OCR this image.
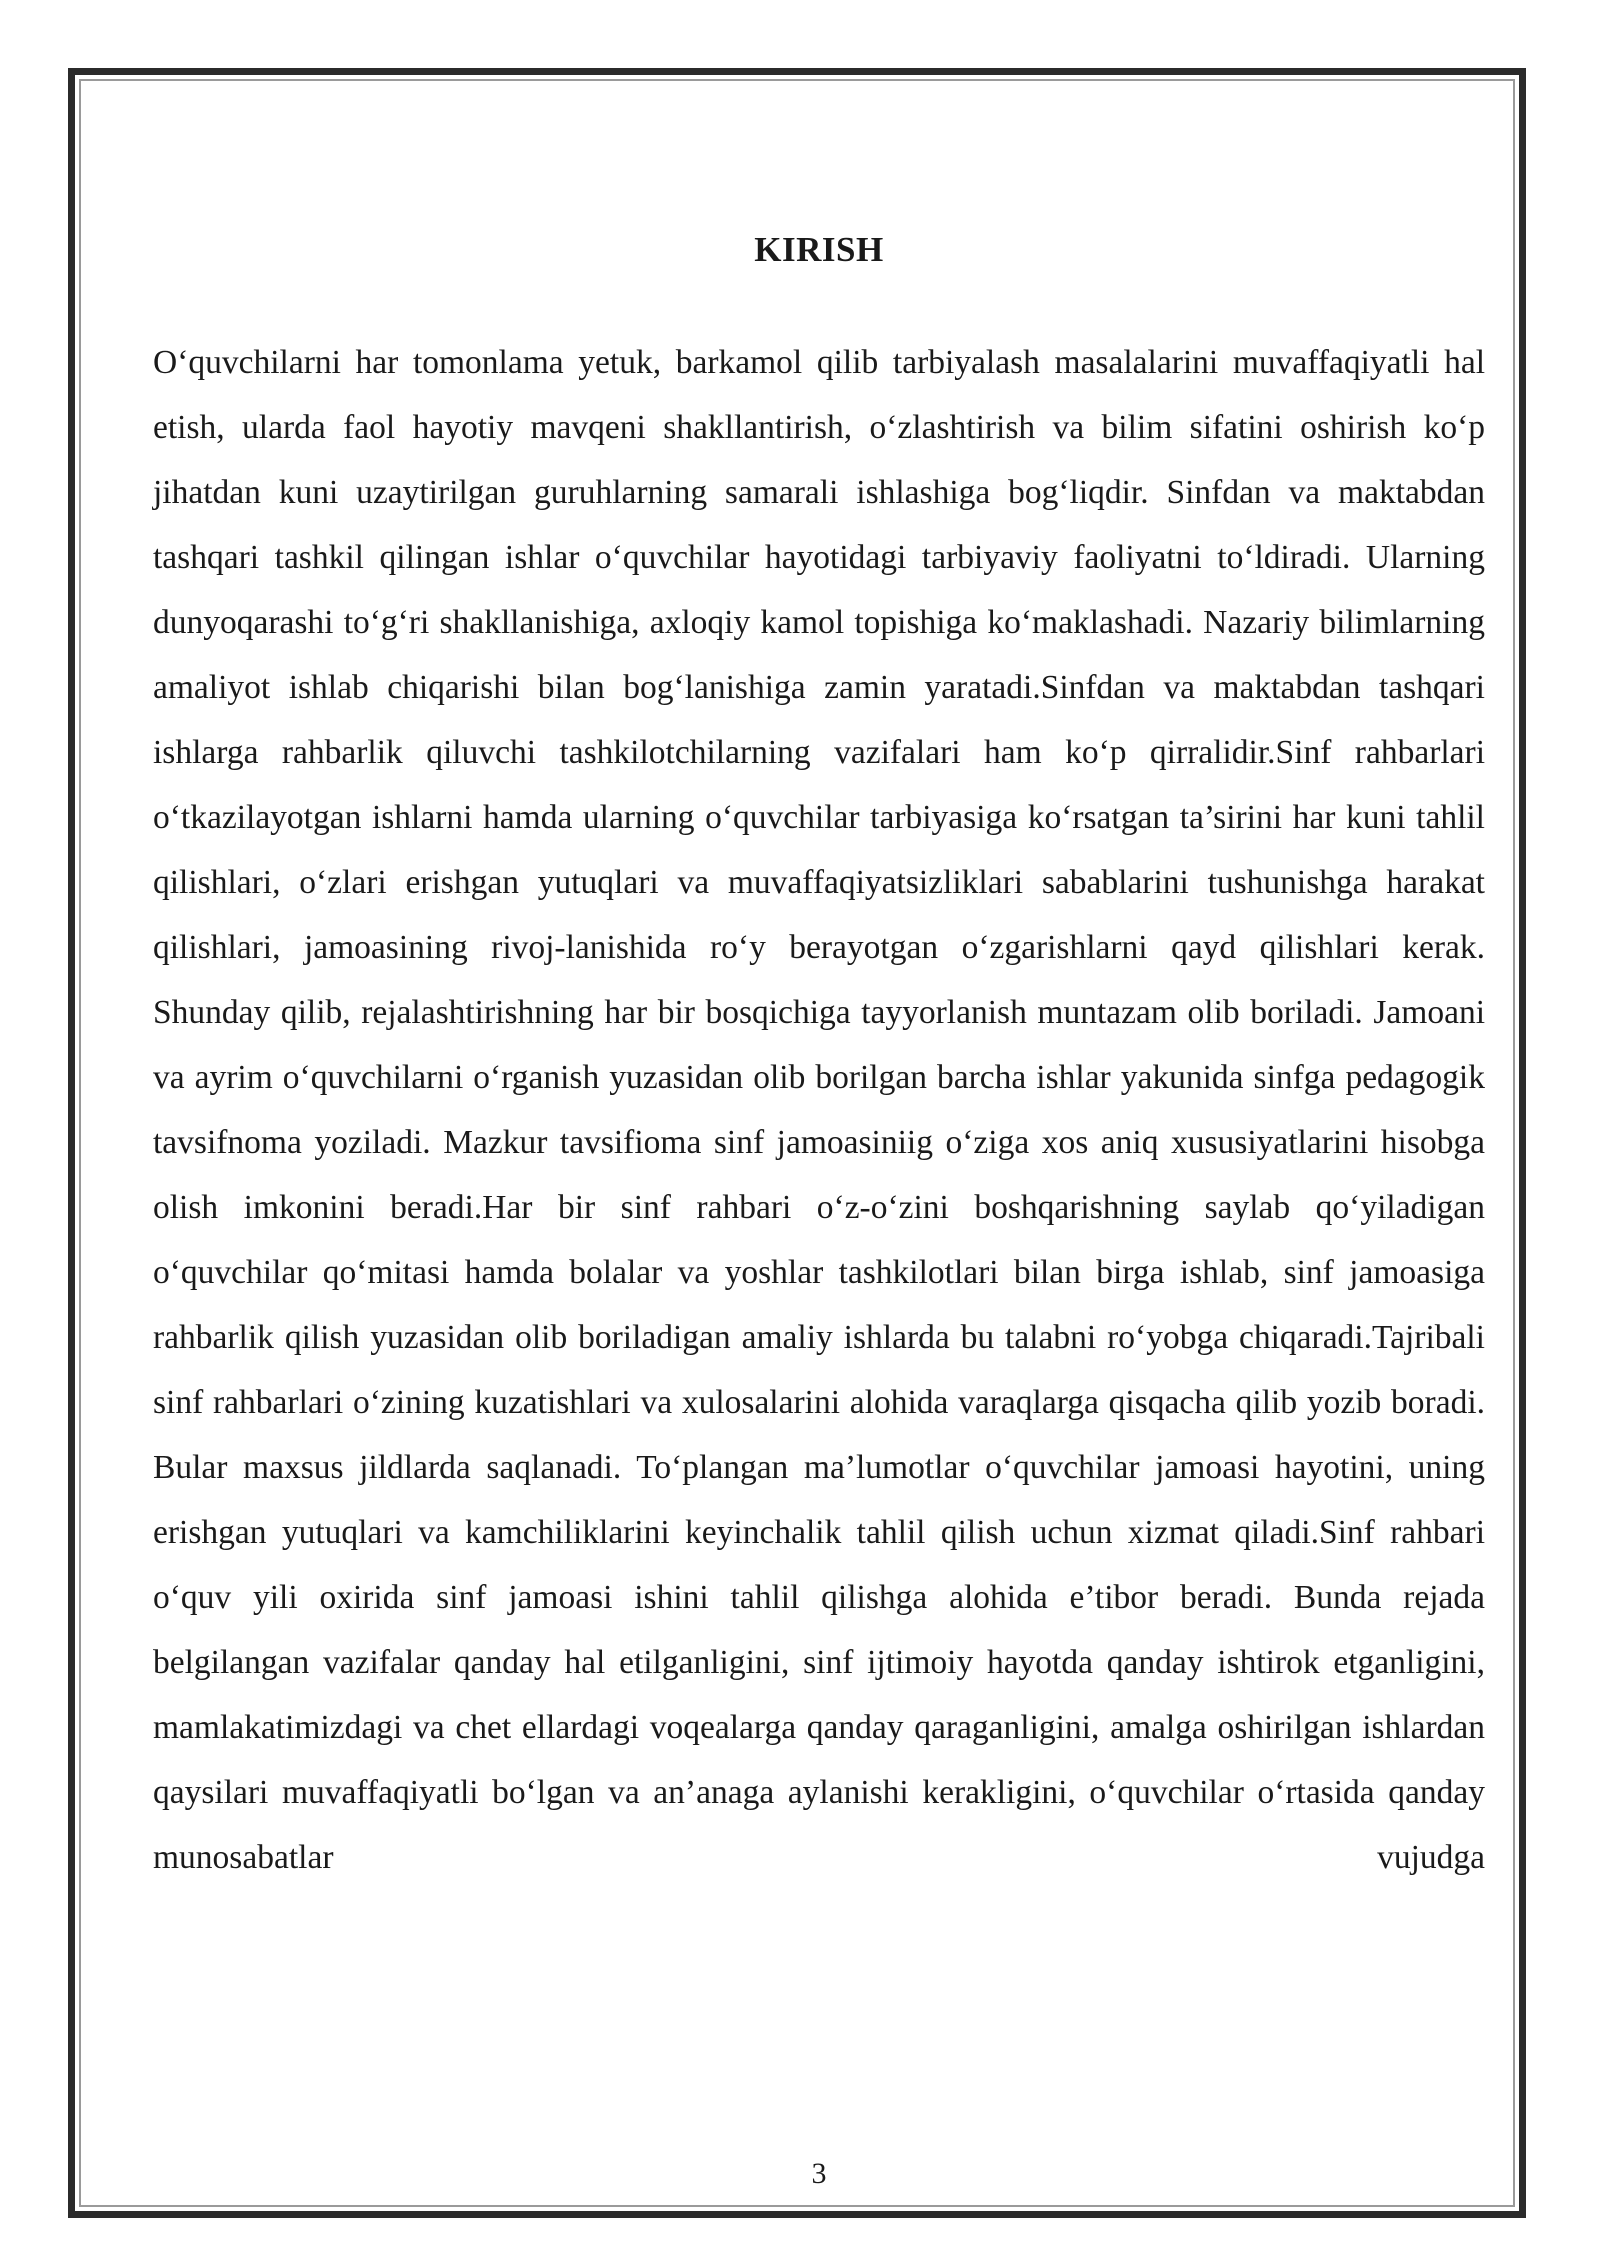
KIRISH

O‘quvchilarni har tomonlama yetuk, barkamol qilib tarbiyalash masalalarini muvaffaqiyatli hal etish, ularda faol hayotiy mavqeni shakllantirish, o‘zlashtirish va bilim sifatini oshirish ko‘p jihatdan kuni uzaytirilgan guruhlarning samarali ishlashiga bog‘liqdir. Sinfdan va maktabdan tashqari tashkil qilingan ishlar o‘quvchilar hayotidagi tarbiyaviy faoliyatni to‘ldiradi. Ularning dunyoqarashi to‘g‘ri shakllanishiga, axloqiy kamol topishiga ko‘maklashadi. Nazariy bilimlarning amaliyot ishlab chiqarishi bilan bog‘lanishiga zamin yaratadi.Sinfdan va maktabdan tashqari ishlarga rahbarlik qiluvchi tashkilotchilarning vazifalari ham ko‘p qirralidir.Sinf rahbarlari o‘tkazilayotgan ishlarni hamda ularning o‘quvchilar tarbiyasiga ko‘rsatgan ta’sirini har kuni tahlil qilishlari, o‘zlari erishgan yutuqlari va muvaffaqiyatsizliklari sabablarini tushunishga harakat qilishlari, jamoasining rivoj-lanishida ro‘y berayotgan o‘zgarishlarni qayd qilishlari kerak. Shunday qilib, rejalashtirishning har bir bosqichiga tayyorlanish muntazam olib boriladi. Jamoani va ayrim o‘quvchilarni o‘rganish yuzasidan olib borilgan barcha ishlar yakunida sinfga pedagogik tavsifnoma yoziladi. Mazkur tavsifioma sinf jamoasiniig o‘ziga xos aniq xususiyatlarini hisobga olish imkonini beradi.Har bir sinf rahbari o‘z-o‘zini boshqarishning saylab qo‘yiladigan o‘quvchilar qo‘mitasi hamda bolalar va yoshlar tashkilotlari bilan birga ishlab, sinf jamoasiga rahbarlik qilish yuzasidan olib boriladigan amaliy ishlarda bu talabni ro‘yobga chiqaradi.Tajribali sinf rahbarlari o‘zining kuzatishlari va xulosalarini alohida varaqlarga qisqacha qilib yozib boradi. Bular maxsus jildlarda saqlanadi. To‘plangan ma’lumotlar o‘quvchilar jamoasi hayotini, uning erishgan yutuqlari va kamchiliklarini keyinchalik tahlil qilish uchun xizmat qiladi.Sinf rahbari o‘quv yili oxirida sinf jamoasi ishini tahlil qilishga alohida e’tibor beradi. Bunda rejada belgilangan vazifalar qanday hal etilganligini, sinf ijtimoiy hayotda qanday ishtirok etganligini, mamlakatimizdagi va chet ellardagi voqealarga qanday qaraganligini, amalga oshirilgan ishlardan qaysilari muvaffaqiyatli bo‘lgan va an’anaga aylanishi kerakligini, o‘quvchilar o‘rtasida qanday munosabatlar vujudga

3
